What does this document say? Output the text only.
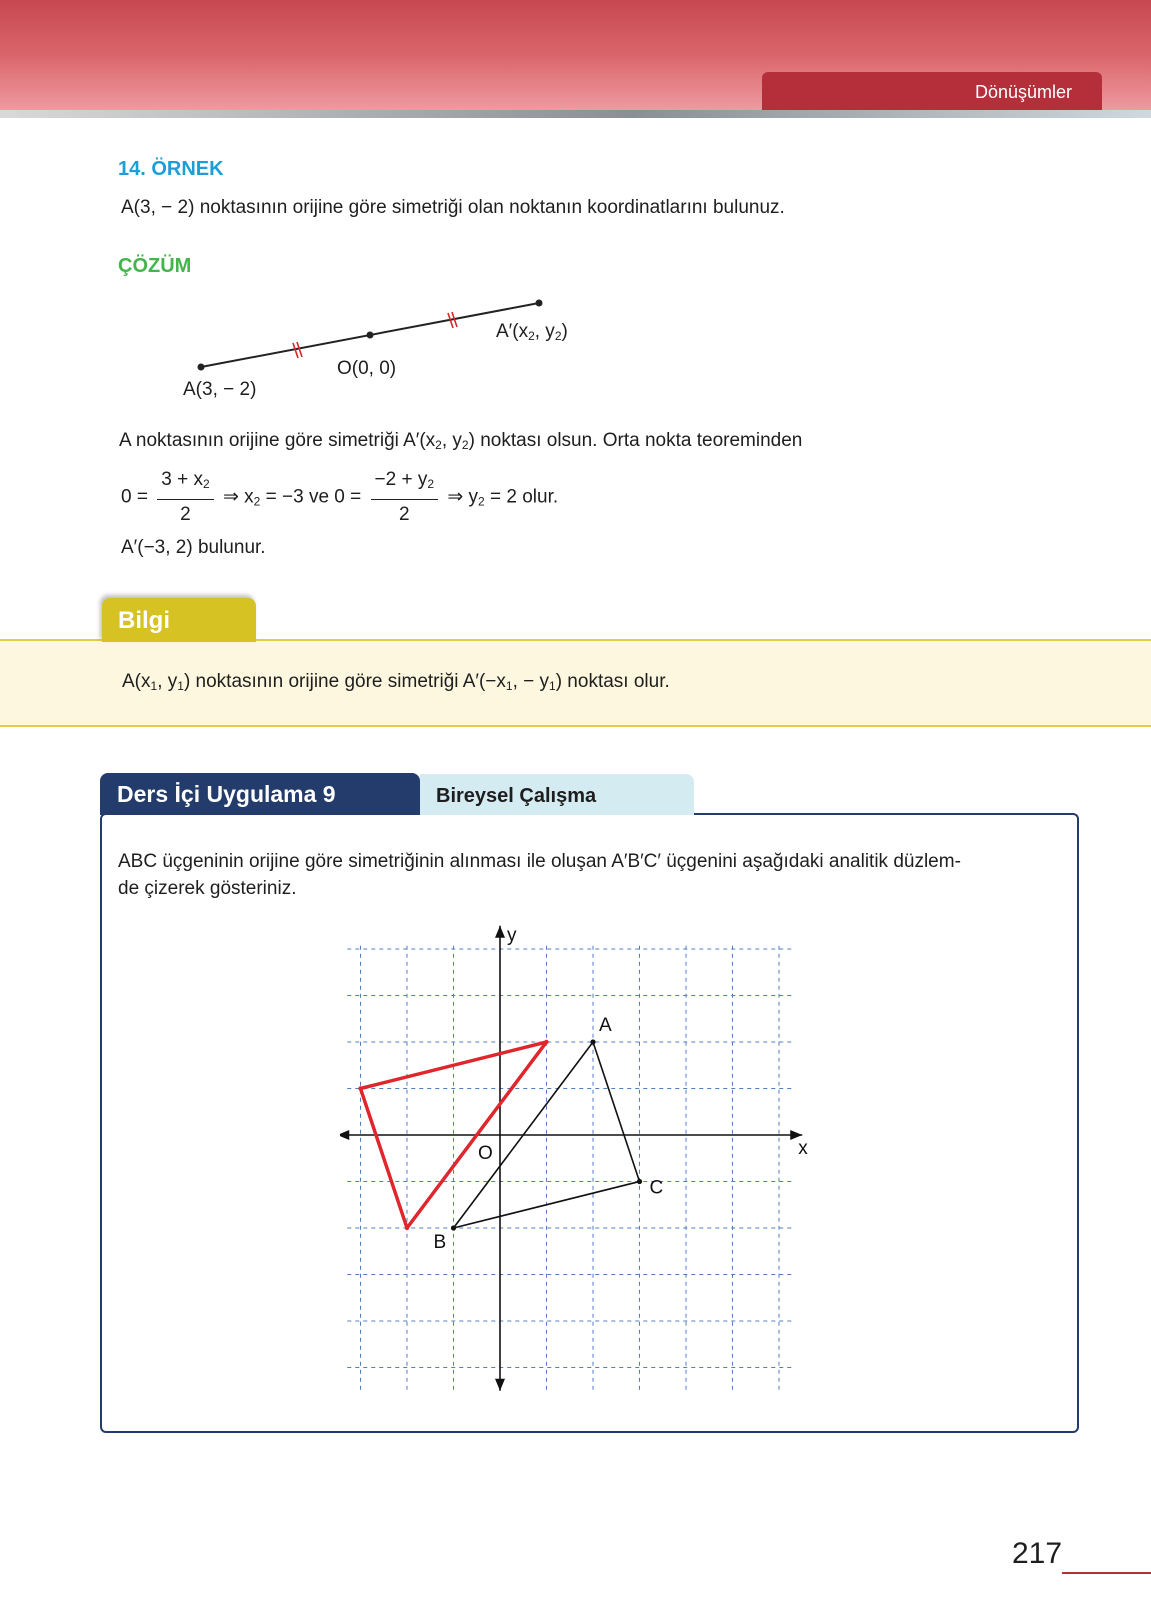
Dönüşümler
14. ÖRNEK
A(3, − 2) noktasının orijine göre simetriği olan noktanın koordinatlarını bulunuz.
ÇÖZÜM
A(3, − 2)
O(0, 0)
$A'(x_2$, $y_2$)
A noktasının orijine göre simetriği $A'(x_2$, $y_2$) noktası olsun. Orta nokta teoreminden
$0 = \frac{3 + x_2}{2}$ ⇒ $x_2 = -3$ ve $0 = \frac{-2 + y_2}{2}$ ⇒ $y_2 = 2$ olur.
A′(−3, 2) bulunur.
Bilgi
$A(x_1$, $y_1$) noktasının orijine göre simetriği $A'(-x_1$, − $y_1$) noktası olur.
Ders İçi Uygulama 9	Bireysel Çalışma
ABC üçgeninin orijine göre simetriğinin alınması ile oluşan A′B′C′ üçgenini aşağıdaki analitik düzlem-
de çizerek gösteriniz.
x
y
O
A
B
C
217
